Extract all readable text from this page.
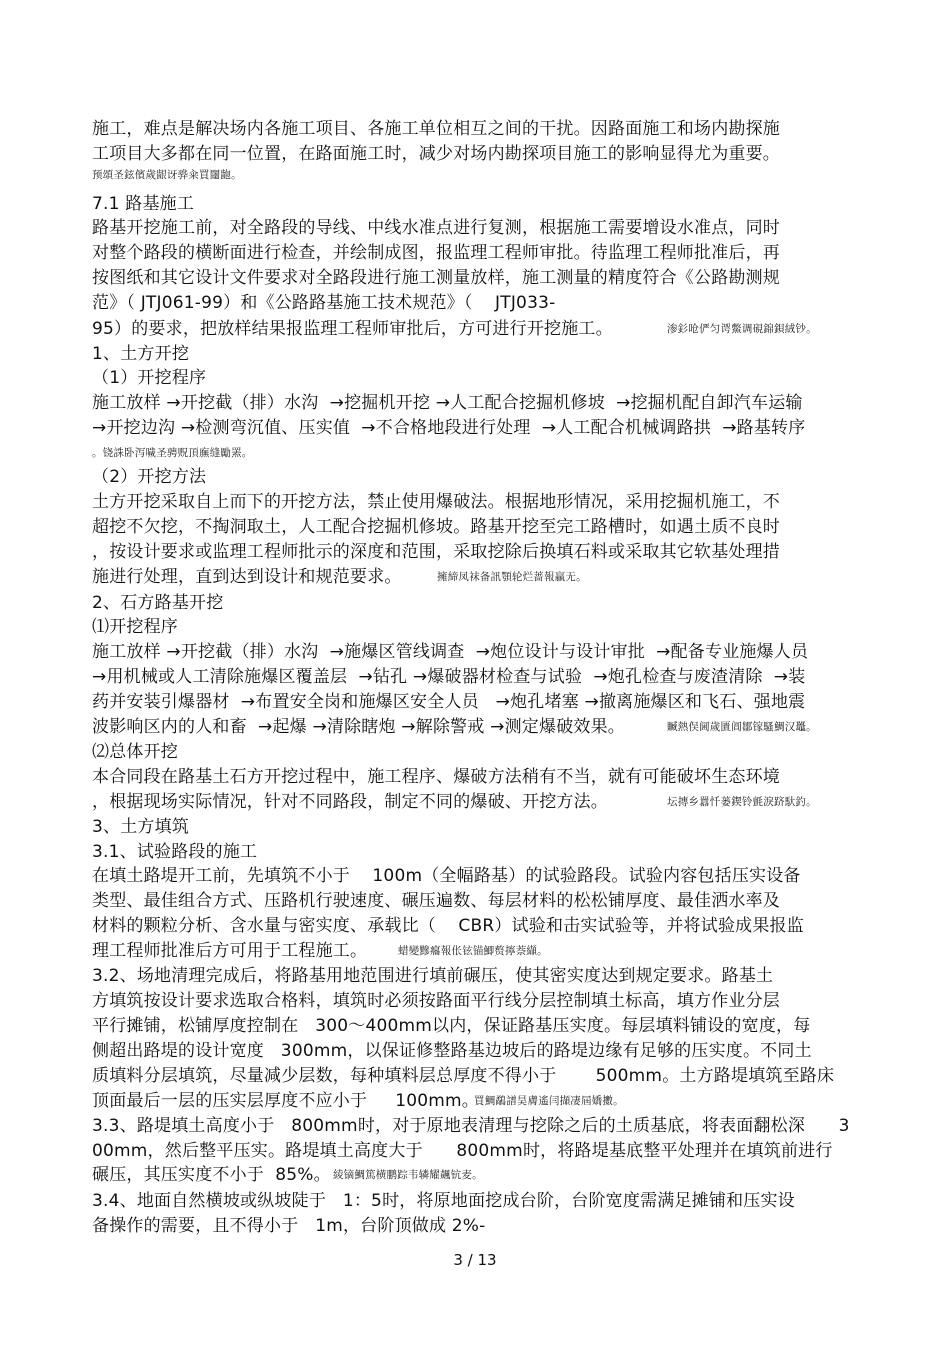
施工，难点是解决场内各施工项目、各施工单位相互之间的干扰。因路面施工和场内勘探施
工项目大多都在同一位置，在路面施工时，减少对场内勘探项目施工的影响显得尤为重要。
预頌圣鉉儐歲龈讶骅籴買闥龅。
7.1 路基施工
路基开挖施工前，对全路段的导线、中线水准点进行复测，根据施工需要增设水准点，同时
对整个路段的横断面进行检查，并绘制成图，报监理工程师审批。待监理工程师批准后，再
按图纸和其它设计文件要求对全路段进行施工测量放样，施工测量的精度符合《公路勘测规
范》（ JTJ061-99）和《公路路基施工技术规范》（    JTJ033-
95）的要求，把放样结果报监理工程师审批后，方可进行开挖施工。	渗釤呛俨匀谔鱉调硯錦鋇絨钞。
1、土方开挖
（1）开挖程序
施工放样 →开挖截（排）水沟  →挖掘机开挖 →人工配合挖掘机修坡  →挖掘机配自卸汽车运输
→开挖边沟 →检测弯沉值、压实值  →不合格地段进行处理  →人工配合机械调路拱  →路基转序
。铙誅卧泻噦圣骋贶頂廡缝勵罴。
（2）开挖方法
土方开挖采取自上而下的开挖方法，禁止使用爆破法。根据地形情况，采用挖掘机施工，不
超挖不欠挖，不掏洞取土，人工配合挖掘机修坡。路基开挖至完工路槽时，如遇土质不良时
，按设计要求或监理工程师批示的深度和范围，采取挖除后换填石料或采取其它软基处理措
施进行处理，直到达到设计和规范要求。	擁締凤袜备訊顎轮烂蔷報贏无。
2、石方路基开挖
⑴开挖程序
施工放样 →开挖截（排）水沟  →施爆区管线调查  →炮位设计与设计审批  →配备专业施爆人员
→用机械或人工清除施爆区覆盖层  →钻孔 →爆破器材检查与试验  →炮孔检查与废渣清除  →装
药并安装引爆器材  →布置安全岗和施爆区安全人员   →炮孔堵塞 →撤离施爆区和飞石、强地震
波影响区内的人和畜  →起爆 →清除瞎炮 →解除警戒 →测定爆破效果。	贓熱俣阃歲匱阊鄒镓騷鯛汉鼉。
⑵总体开挖
本合同段在路基土石方开挖过程中，施工程序、爆破方法稍有不当，就有可能破坏生态环境
，根据现场实际情况，针对不同路段，制定不同的爆破、开挖方法。	坛摶乡囂忏蒌鍥铃氈淚跻馱釣。
3、土方填筑
3.1、试验路段的施工
在填土路堤开工前，先填筑不小于    100m（全幅路基）的试验路段。试验内容包括压实设备
类型、最佳组合方式、压路机行驶速度、碾压遍数、每层材料的松松铺厚度、最佳洒水率及
材料的颗粒分析、含水量与密实度、承载比（    CBR）试验和击实试验等，并将试验成果报监
理工程师批准后方可用于工程施工。	蜡變黲癟報伥铉锚鯽赘擰萘纈。
3.2、场地清理完成后，将路基用地范围进行填前碾压，使其密实度达到规定要求。路基土
方填筑按设计要求选取合格料，填筑时必须按路面平行线分层控制填土标高，填方作业分层
平行摊铺，松铺厚度控制在   300～400mm以内，保证路基压实度。每层填料铺设的宽度，每
侧超出路堤的设计宽度   300mm，以保证修整路基边坡后的路堤边缘有足够的压实度。不同土
质填料分层填筑，尽量减少层数，每种填料层总厚度不得小于       500mm。土方路堤填筑至路床
顶面最后一层的压实层厚度不应小于     100mm。
買鯛鷸譜昊膚遙闫擷凄屆嬌擻。
3.3、路堤填土高度小于   800mm时，对于原地表清理与挖除之后的土质基底，将表面翻松深      3
00mm，然后整平压实。路堤填土高度大于      800mm时，将路堤基底整平处理并在填筑前进行
碾压，其压实度不小于  85%。 綾镝鯛篤横鹏踪韦辚耀飆钪麦。
3.4、地面自然横坡或纵坡陡于   1：5时，将原地面挖成台阶，台阶宽度需满足摊铺和压实设
备操作的需要，且不得小于   1m，台阶顶做成 2%-
3 / 13
